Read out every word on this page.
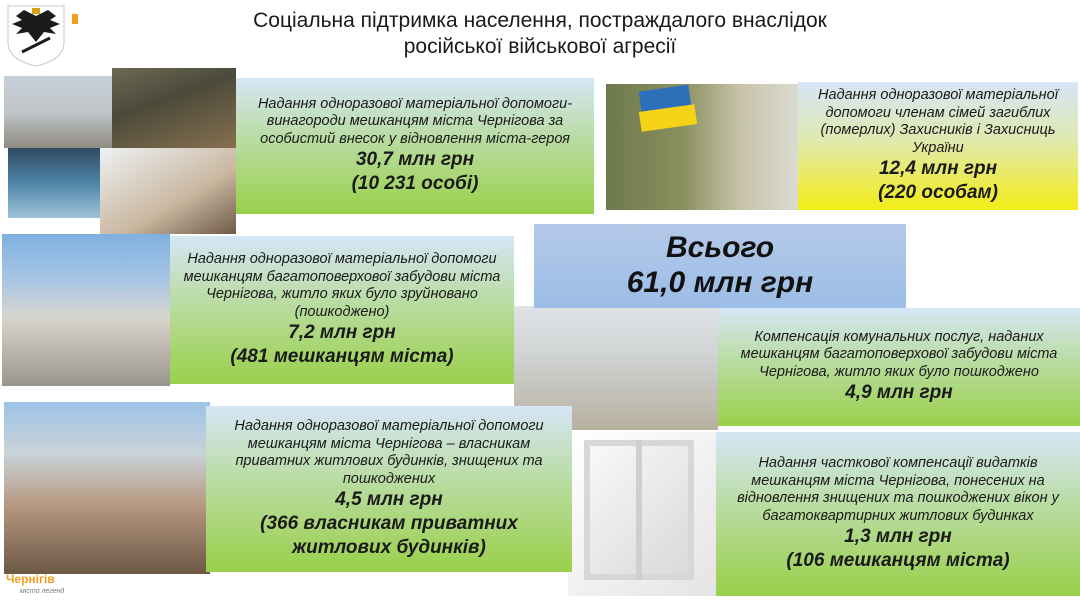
Соціальна підтримка населення, постраждалого внаслідок
російської військової агресії
Надання одноразової матеріальної допомоги-винагороди мешканцям міста Чернігова за особистий внесок у відновлення міста-героя
30,7 млн грн
(10 231 особі)
Надання одноразової матеріальної допомоги членам сімей загиблих (померлих) Захисників і Захисниць України
12,4 млн грн
(220 особам)
Всього
61,0 млн грн
Надання одноразової матеріальної допомоги мешканцям багатоповерхової забудови міста Чернігова, житло яких було зруйновано (пошкоджено)
7,2 млн грн
(481 мешканцям міста)
Компенсація комунальних послуг, наданих мешканцям багатоповерхової забудови міста Чернігова, житло яких було пошкоджено
4,9 млн грн
Надання одноразової матеріальної допомоги мешканцям міста Чернігова – власникам приватних житлових будинків, знищених та пошкоджених
4,5 млн грн
(366 власникам приватних житлових будинків)
Надання часткової компенсації видатків мешканцям міста Чернігова, понесених на відновлення знищених та пошкоджених вікон у багатоквартирних житлових будинках
1,3 млн грн
(106 мешканцям міста)
Чернігів
місто легенд
